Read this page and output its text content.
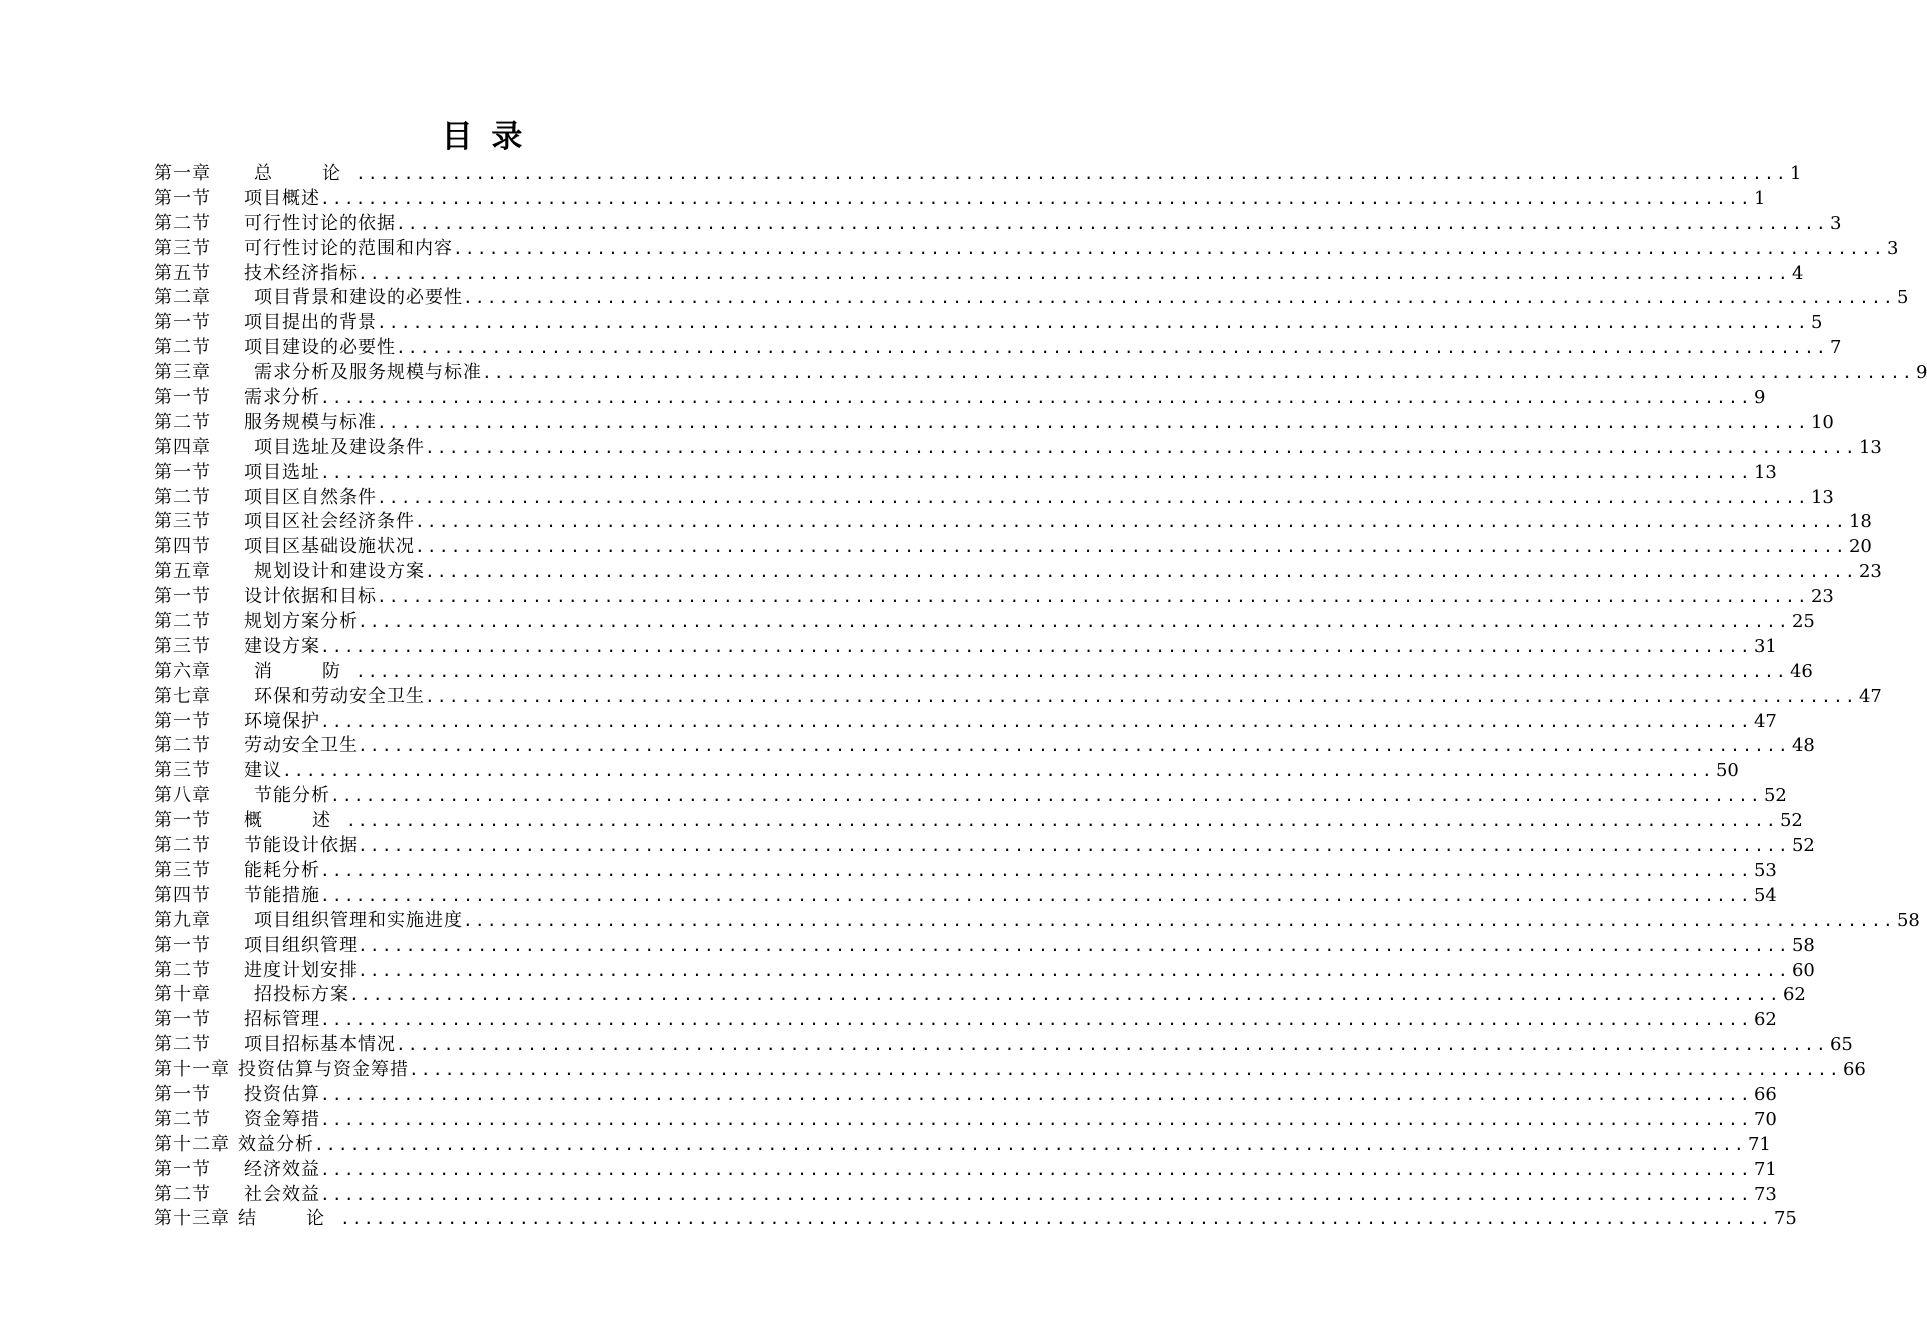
目 录
第一章	总　论 ........................................................................................................................ 1
第一节	项目概述 ........................................................................................................................ 1
第二节	可行性讨论的依据 ........................................................................................................................ 3
第三节	可行性讨论的范围和内容 ........................................................................................................................ 3
第五节	技术经济指标 ........................................................................................................................ 4
第二章	项目背景和建设的必要性 ........................................................................................................................ 5
第一节	项目提出的背景 ........................................................................................................................ 5
第二节	项目建设的必要性 ........................................................................................................................ 7
第三章	需求分析及服务规模与标准 ........................................................................................................................ 9
第一节	需求分析 ........................................................................................................................ 9
第二节	服务规模与标准 ........................................................................................................................ 10
第四章	项目选址及建设条件 ........................................................................................................................ 13
第一节	项目选址 ........................................................................................................................ 13
第二节	项目区自然条件 ........................................................................................................................ 13
第三节	项目区社会经济条件 ........................................................................................................................ 18
第四节	项目区基础设施状况 ........................................................................................................................ 20
第五章	规划设计和建设方案 ........................................................................................................................ 23
第一节	设计依据和目标 ........................................................................................................................ 23
第二节	规划方案分析 ........................................................................................................................ 25
第三节	建设方案 ........................................................................................................................ 31
第六章	消　防 ........................................................................................................................ 46
第七章	环保和劳动安全卫生 ........................................................................................................................ 47
第一节	环境保护 ........................................................................................................................ 47
第二节	劳动安全卫生 ........................................................................................................................ 48
第三节	建议 ........................................................................................................................ 50
第八章	节能分析 ........................................................................................................................ 52
第一节	概　述 ........................................................................................................................ 52
第二节	节能设计依据 ........................................................................................................................ 52
第三节	能耗分析 ........................................................................................................................ 53
第四节	节能措施 ........................................................................................................................ 54
第九章	项目组织管理和实施进度 ........................................................................................................................ 58
第一节	项目组织管理 ........................................................................................................................ 58
第二节	进度计划安排 ........................................................................................................................ 60
第十章	招投标方案 ........................................................................................................................ 62
第一节	招标管理 ........................................................................................................................ 62
第二节	项目招标基本情况 ........................................................................................................................ 65
第十一章 投资估算与资金筹措 ........................................................................................................................ 66
第一节	投资估算 ........................................................................................................................ 66
第二节	资金筹措 ........................................................................................................................ 70
第十二章 效益分析 ........................................................................................................................ 71
第一节	经济效益 ........................................................................................................................ 71
第二节	社会效益 ........................................................................................................................ 73
第十三章 结　论 ........................................................................................................................ 75
